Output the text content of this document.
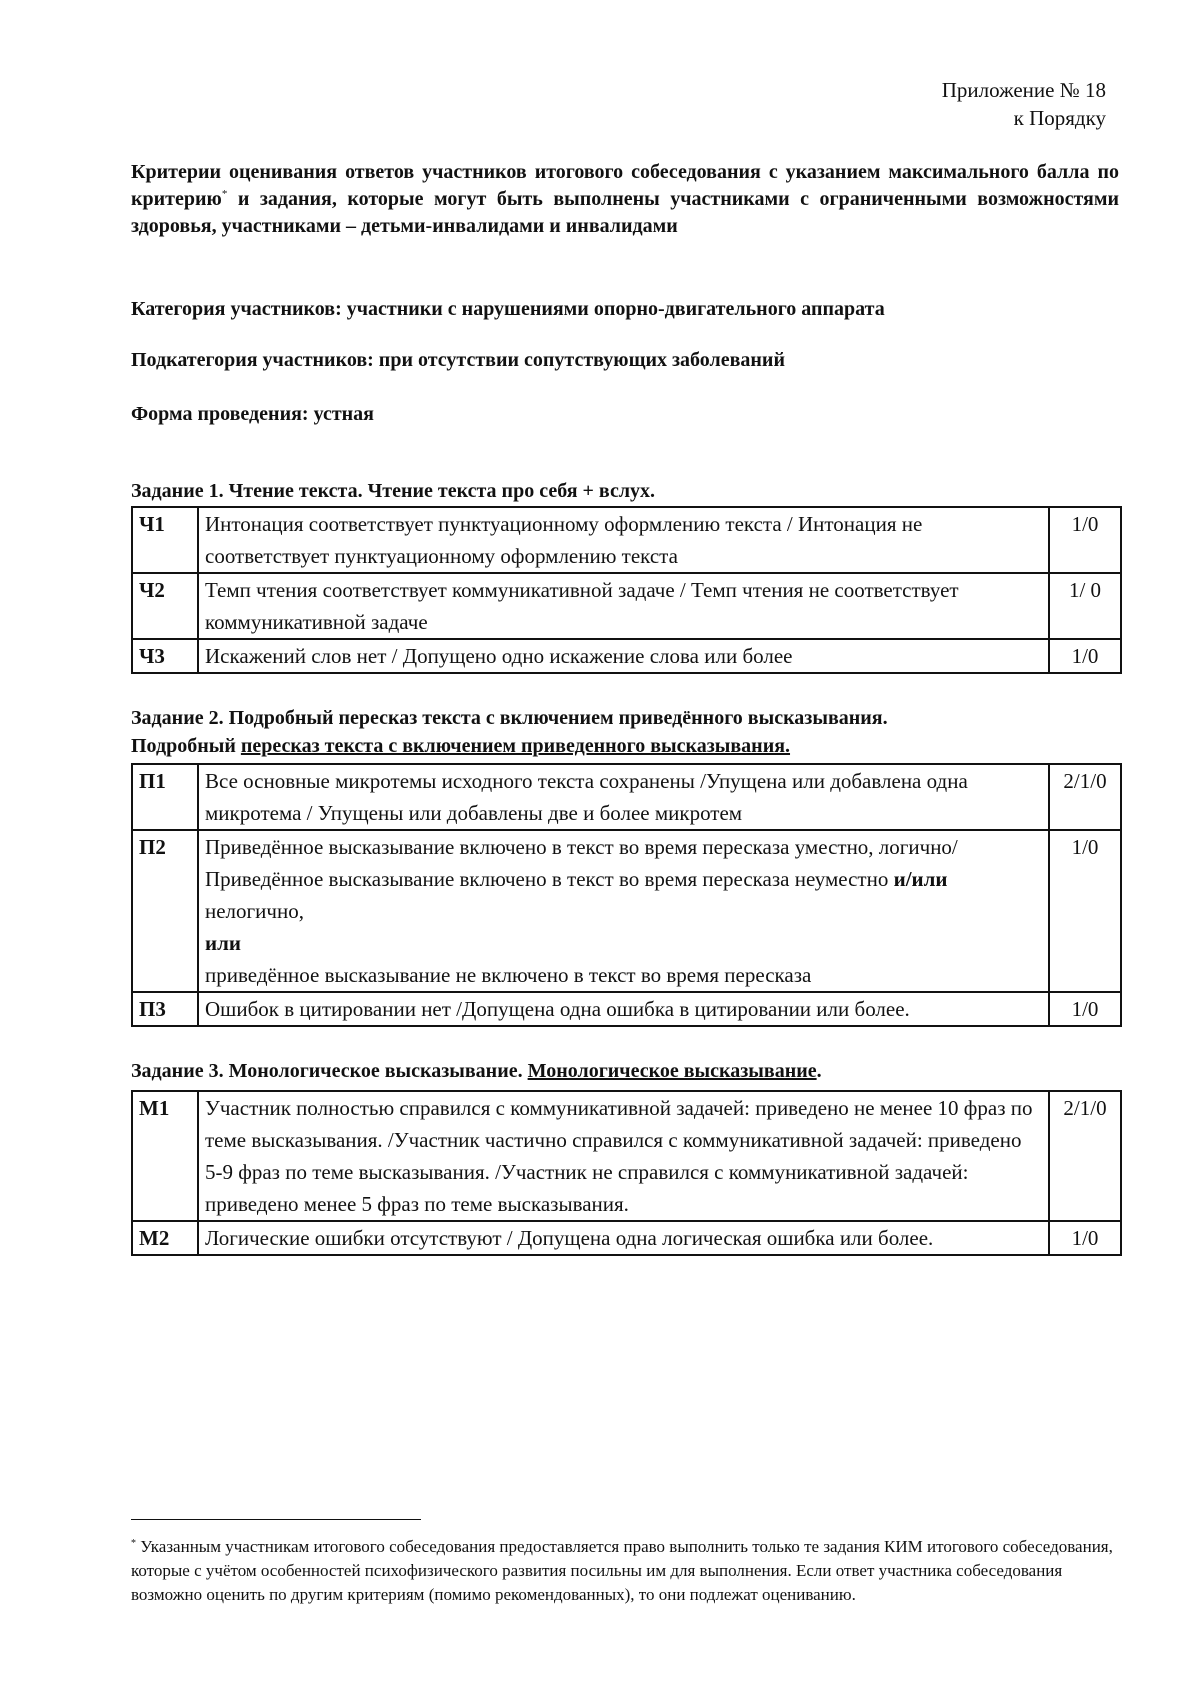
Приложение № 18
к Порядку
Критерии оценивания ответов участников итогового собеседования с указанием максимального балла по критерию* и задания, которые могут быть выполнены участниками с ограниченными возможностями здоровья, участниками – детьми-инвалидами и инвалидами
Категория участников: участники с нарушениями опорно-двигательного аппарата
Подкатегория участников: при отсутствии сопутствующих заболеваний
Форма проведения: устная
Задание 1. Чтение текста. Чтение текста про себя + вслух.
Ч1	Интонация соответствует пунктуационному оформлению текста / Интонация не соответствует пунктуационному оформлению текста	1/0
Ч2	Темп чтения соответствует коммуникативной задаче / Темп чтения не соответствует коммуникативной задаче	1/ 0
Ч3	Искажений слов нет / Допущено одно искажение слова или более	1/0
Задание 2. Подробный пересказ текста с включением приведённого высказывания.
Подробный пересказ текста с включением приведенного высказывания.
П1	Все основные микротемы исходного текста сохранены /Упущена или добавлена одна микротема / Упущены или добавлены две и более микротем	2/1/0
П2	Приведённое высказывание включено в текст во время пересказа уместно, логично/ Приведённое высказывание включено в текст во время пересказа неуместно и/или нелогично,
или
приведённое высказывание не включено в текст во время пересказа	1/0
П3	Ошибок в цитировании нет /Допущена одна ошибка в цитировании или более.	1/0
Задание 3. Монологическое высказывание. Монологическое высказывание.
М1	Участник полностью справился с коммуникативной задачей: приведено не менее 10 фраз по теме высказывания. /Участник частично справился с коммуникативной задачей: приведено 5-9 фраз по теме высказывания. /Участник не справился с коммуникативной задачей: приведено менее 5 фраз по теме высказывания.	2/1/0
М2	Логические ошибки отсутствуют / Допущена одна логическая ошибка или более.	1/0
* Указанным участникам итогового собеседования предоставляется право выполнить только те задания КИМ итогового собеседования, которые с учётом особенностей психофизического развития посильны им для выполнения. Если ответ участника собеседования возможно оценить по другим критериям (помимо рекомендованных), то они подлежат оцениванию.
